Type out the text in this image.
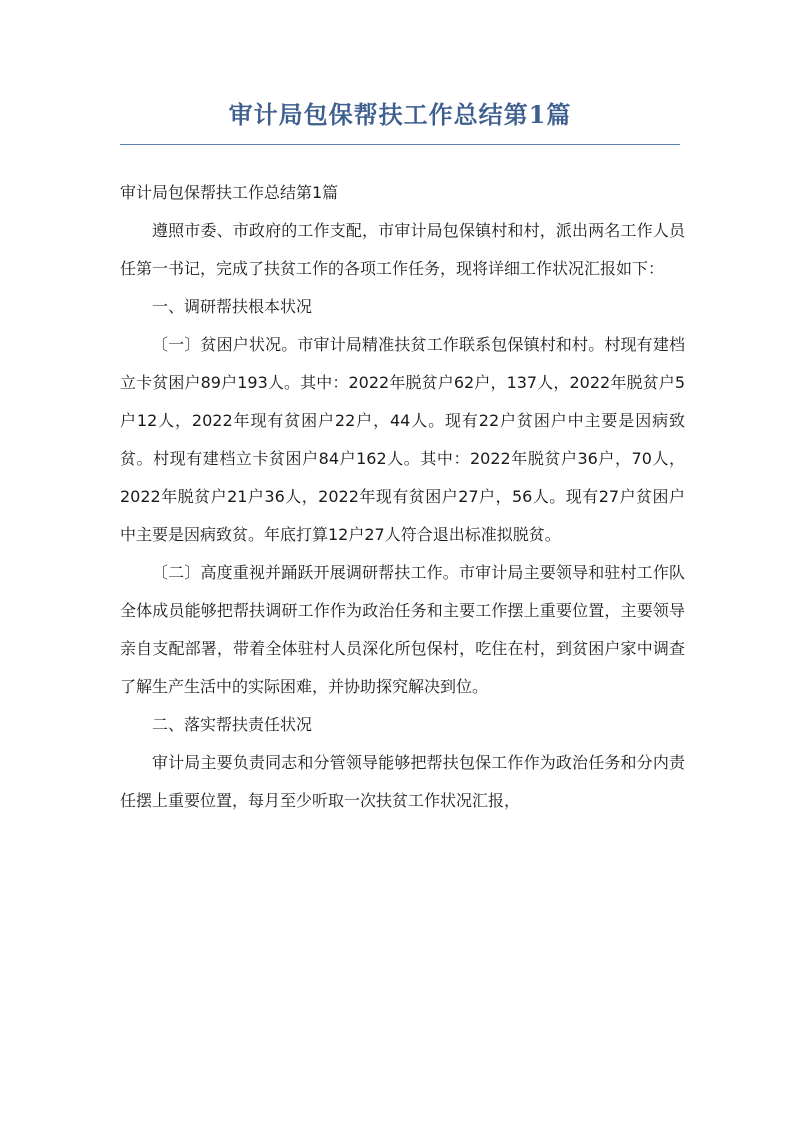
审计局包保帮扶工作总结第1篇

审计局包保帮扶工作总结第1篇

遵照市委、市政府的工作支配，市审计局包保镇村和村，派出两名工作人员任第一书记，完成了扶贫工作的各项工作任务，现将详细工作状况汇报如下：

一、调研帮扶根本状况

〔一〕贫困户状况。市审计局精准扶贫工作联系包保镇村和村。村现有建档立卡贫困户89户193人。其中：2022年脱贫户62户，137人，2022年脱贫户5户12人，2022年现有贫困户22户，44人。现有22户贫困户中主要是因病致贫。村现有建档立卡贫困户84户162人。其中：2022年脱贫户36户，70人，2022年脱贫户21户36人，2022年现有贫困户27户，56人。现有27户贫困户中主要是因病致贫。年底打算12户27人符合退出标准拟脱贫。

〔二〕高度重视并踊跃开展调研帮扶工作。市审计局主要领导和驻村工作队全体成员能够把帮扶调研工作作为政治任务和主要工作摆上重要位置，主要领导亲自支配部署，带着全体驻村人员深化所包保村，吃住在村，到贫困户家中调查了解生产生活中的实际困难，并协助探究解决到位。

二、落实帮扶责任状况

审计局主要负责同志和分管领导能够把帮扶包保工作作为政治任务和分内责任摆上重要位置，每月至少听取一次扶贫工作状况汇报，
